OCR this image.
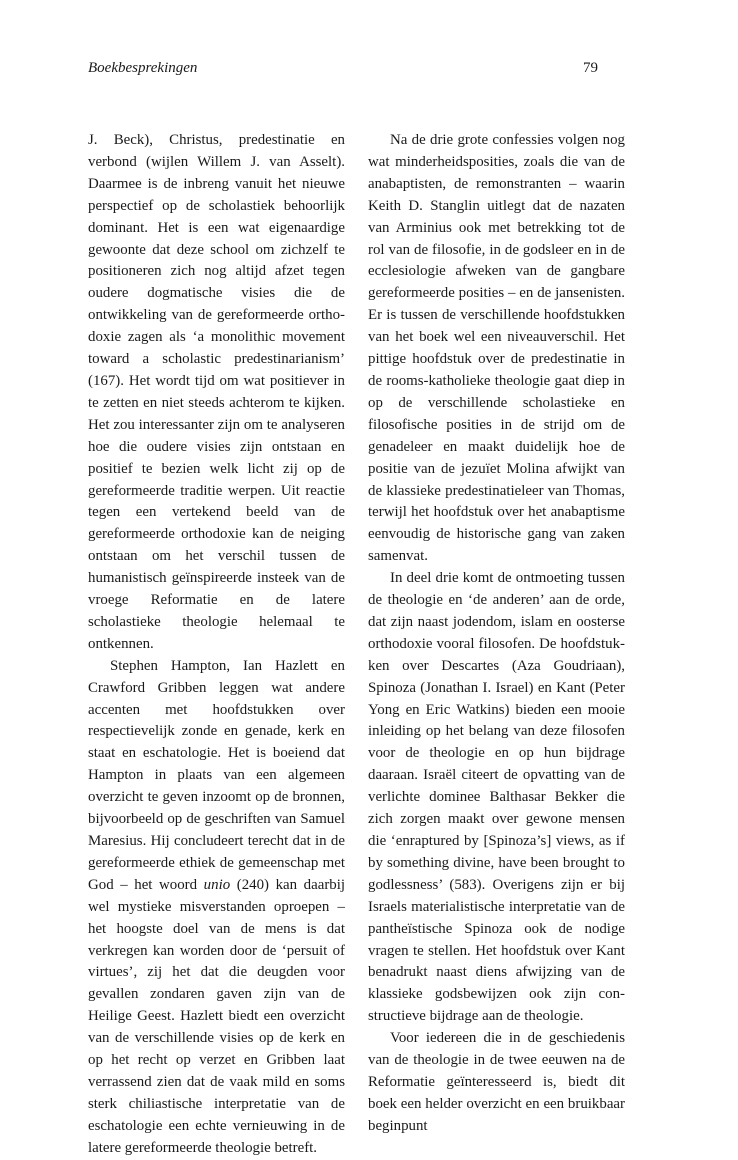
Boekbesprekingen	79

J. Beck), Christus, predestinatie en verbond (wijlen Willem J. van Asselt). Daarmee is de inbreng vanuit het nieuwe perspectief op de scholastiek behoorlijk dominant. Het is een wat eigenaardige gewoonte dat deze school om zichzelf te positioneren zich nog altijd afzet tegen oudere dogmatische visies die de ontwikkeling van de gereformeerde orthodoxie zagen als ‘a monolithic movement toward a scholastic predestinarianism’ (167). Het wordt tijd om wat positiever in te zetten en niet steeds achterom te kijken. Het zou interessanter zijn om te analyseren hoe die oudere visies zijn ontstaan en positief te bezien welk licht zij op de gereformeerde traditie werpen. Uit reactie tegen een vertekend beeld van de gereformeerde orthodoxie kan de neiging ontstaan om het verschil tussen de humanistisch geïnspireerde insteek van de vroege Reformatie en de latere scholastieke theologie helemaal te ontkennen.

Stephen Hampton, Ian Hazlett en Crawford Gribben leggen wat andere accenten met hoofdstukken over respectievelijk zonde en genade, kerk en staat en eschatologie. Het is boeiend dat Hampton in plaats van een algemeen overzicht te geven inzoomt op de bronnen, bijvoorbeeld op de geschriften van Samuel Maresius. Hij concludeert terecht dat in de gereformeerde ethiek de gemeenschap met God – het woord unio (240) kan daarbij wel mystieke misverstanden oproepen – het hoogste doel van de mens is dat verkregen kan worden door de ‘persuit of virtues’, zij het dat die deugden voor gevallen zondaren gaven zijn van de Heilige Geest. Hazlett biedt een overzicht van de verschillende visies op de kerk en op het recht op verzet en Gribben laat verrassend zien dat de vaak mild en soms sterk chiliastische interpretatie van de eschatologie een echte vernieuwing in de latere gereformeerde theologie betreft.

Na de drie grote confessies volgen nog wat minderheidsposities, zoals die van de anabaptisten, de remonstranten – waarin Keith D. Stanglin uitlegt dat de nazaten van Arminius ook met betrekking tot de rol van de filosofie, in de godsleer en in de ecclesiologie afweken van de gangbare gereformeerde posities – en de jansenisten. Er is tussen de verschillende hoofdstukken van het boek wel een niveauverschil. Het pittige hoofdstuk over de predestinatie in de rooms-katholieke theologie gaat diep in op de verschillende scholastieke en filosofische posities in de strijd om de genadeleer en maakt duidelijk hoe de positie van de jezuïet Molina afwijkt van de klassieke predestinatieleer van Thomas, terwijl het hoofdstuk over het anabaptisme eenvoudig de historische gang van zaken samenvat.

In deel drie komt de ontmoeting tussen de theologie en ‘de anderen’ aan de orde, dat zijn naast jodendom, islam en oosterse orthodoxie vooral filosofen. De hoofdstukken over Descartes (Aza Goudriaan), Spinoza (Jonathan I. Israel) en Kant (Peter Yong en Eric Watkins) bieden een mooie inleiding op het belang van deze filosofen voor de theologie en op hun bijdrage daaraan. Israël citeert de opvatting van de verlichte dominee Balthasar Bekker die zich zorgen maakt over gewone mensen die ‘enraptured by [Spinoza’s] views, as if by something divine, have been brought to godlessness’ (583). Overigens zijn er bij Israels materialistische interpretatie van de pantheïstische Spinoza ook de nodige vragen te stellen. Het hoofdstuk over Kant benadrukt naast diens afwijzing van de klassieke godsbewijzen ook zijn constructieve bijdrage aan de theologie.

Voor iedereen die in de geschiedenis van de theologie in de twee eeuwen na de Reformatie geïnteresseerd is, biedt dit boek een helder overzicht en een bruikbaar beginpunt
